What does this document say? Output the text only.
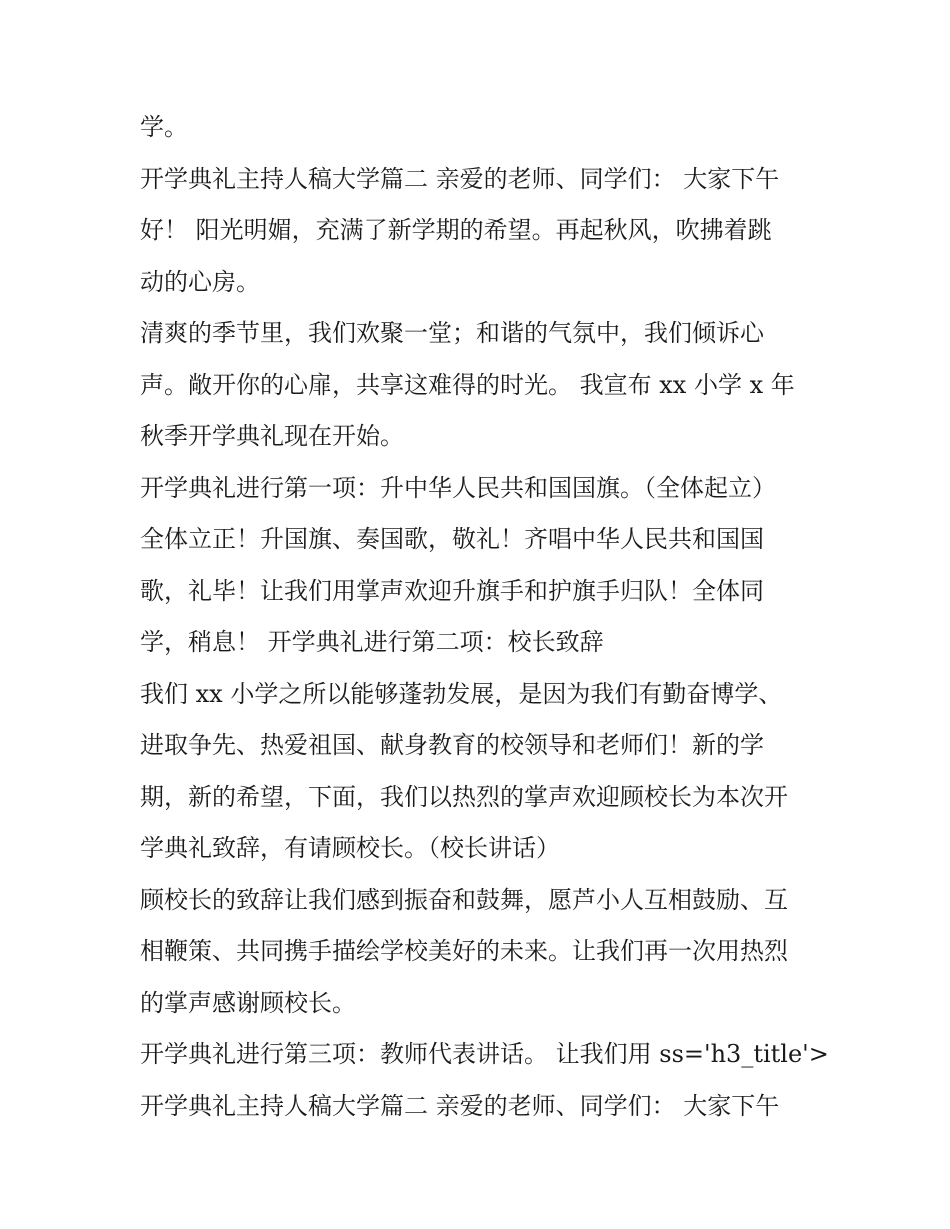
学。
开学典礼主持人稿大学篇二 亲爱的老师、同学们： 大家下午
好！ 阳光明媚，充满了新学期的希望。再起秋风，吹拂着跳
动的心房。
清爽的季节里，我们欢聚一堂；和谐的气氛中，我们倾诉心
声。敞开你的心扉，共享这难得的时光。 我宣布 xx 小学 x 年
秋季开学典礼现在开始。
开学典礼进行第一项：升中华人民共和国国旗。（全体起立）
全体立正！升国旗、奏国歌，敬礼！齐唱中华人民共和国国
歌，礼毕！让我们用掌声欢迎升旗手和护旗手归队！全体同
学，稍息！ 开学典礼进行第二项：校长致辞
我们 xx 小学之所以能够蓬勃发展，是因为我们有勤奋博学、
进取争先、热爱祖国、献身教育的校领导和老师们！新的学
期，新的希望，下面，我们以热烈的掌声欢迎顾校长为本次开
学典礼致辞，有请顾校长。（校长讲话）
顾校长的致辞让我们感到振奋和鼓舞，愿芦小人互相鼓励、互
相鞭策、共同携手描绘学校美好的未来。让我们再一次用热烈
的掌声感谢顾校长。
开学典礼进行第三项：教师代表讲话。 让我们用 ss='h3_title'>
开学典礼主持人稿大学篇二 亲爱的老师、同学们： 大家下午
